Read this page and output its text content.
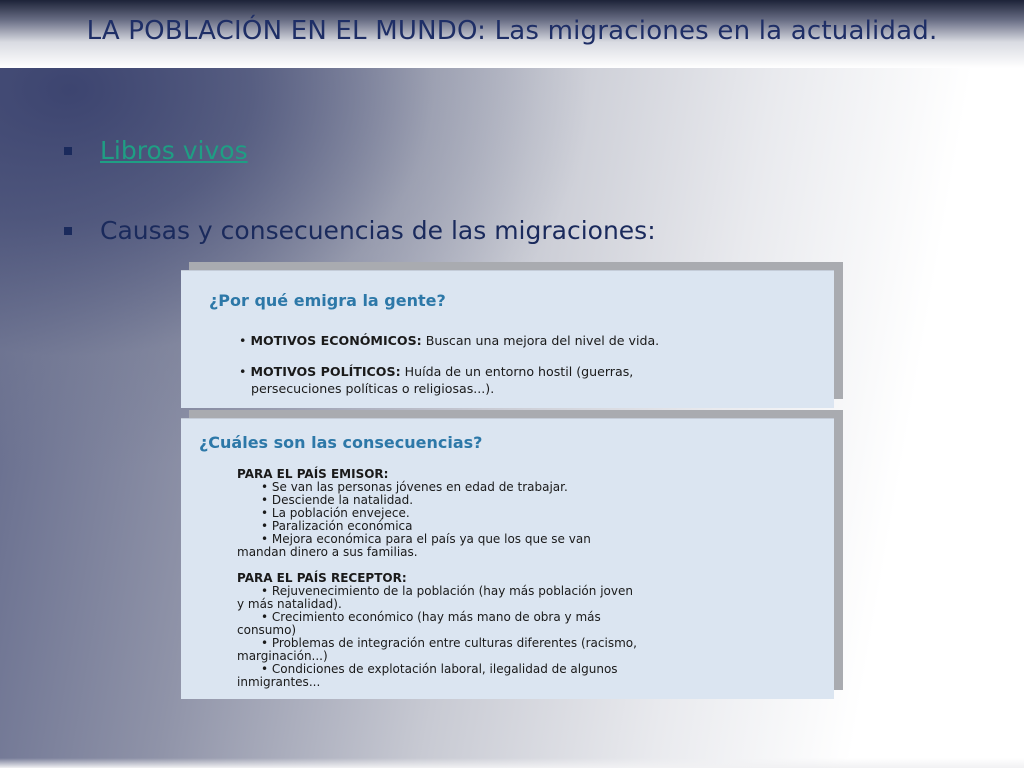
LA POBLACIÓN EN EL MUNDO: Las migraciones en la actualidad.
Libros vivos
Causas y consecuencias de las migraciones:
¿Por qué emigra la gente?
• MOTIVOS ECONÓMICOS: Buscan una mejora del nivel de vida.
• MOTIVOS POLÍTICOS: Huída de un entorno hostil (guerras,
persecuciones políticas o religiosas...).
¿Cuáles son las consecuencias?
PARA EL PAÍS EMISOR:
• Se van las personas jóvenes en edad de trabajar.
• Desciende la natalidad.
• La población envejece.
• Paralización económica
• Mejora económica para el país ya que los que se van
mandan dinero a sus familias.
PARA EL PAÍS RECEPTOR:
• Rejuvenecimiento de la población (hay más población joven
y más natalidad).
• Crecimiento económico (hay más mano de obra y más
consumo)
• Problemas de integración entre culturas diferentes (racismo,
marginación...)
• Condiciones de explotación laboral, ilegalidad de algunos
inmigrantes...
